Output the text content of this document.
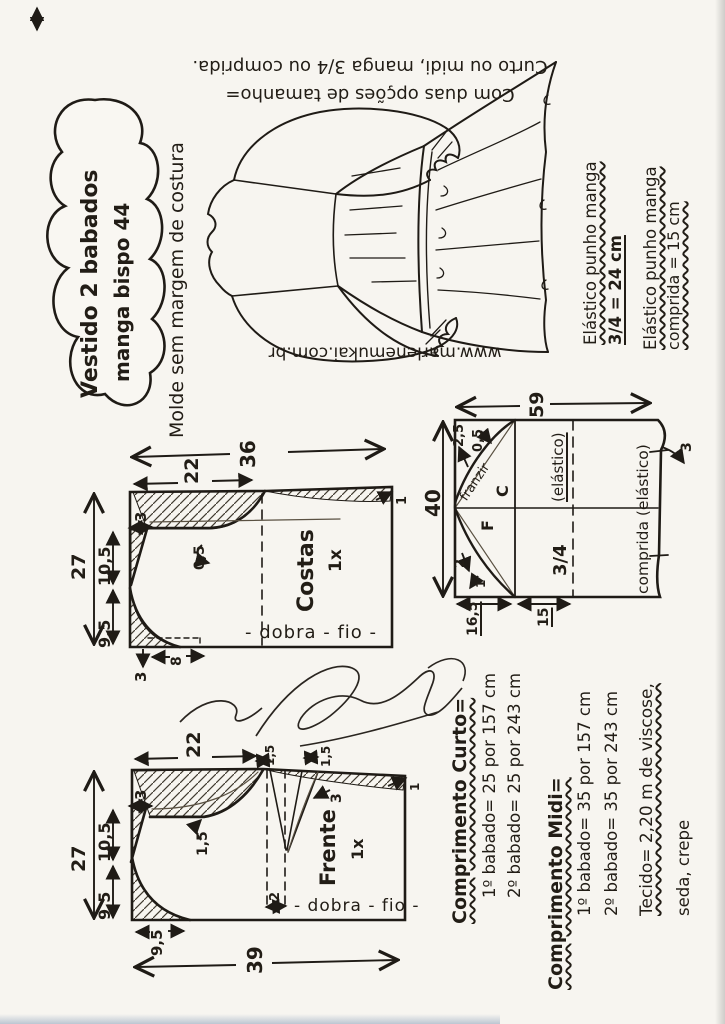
Vestido 2 babados manga bispo 44 Molde sem margem de costura
Com duas opções de tamanho=
Curto ou midi, manga 3/4 ou comprida.
www.marlenemukai.com.br
Elástico punho manga 3/4 = 24 cm Elástico punho manga comprida = 15 cm
36
22
3
10,5
9,5
27	0,5
3
8
1
Costas 1x
- dobra - fio -
59
40
2,5 0,5
franzir
F
C (elástico)
3/4	comprida (elástico) 3
2
1
16,5	15
22	1,5	1,5
3
3
10,5
9,5
27
1,5
2
9,5
39
1
Frente 1x
- dobra - fio - Comprimento Curto= 1º babado= 25 por 157 cm 2º babado= 25 por 243 cm Comprimento Midi= 1º babado= 35 por 157 cm 2º babado= 35 por 243 cm Tecido= 2,20 m de viscose, seda, crepe
